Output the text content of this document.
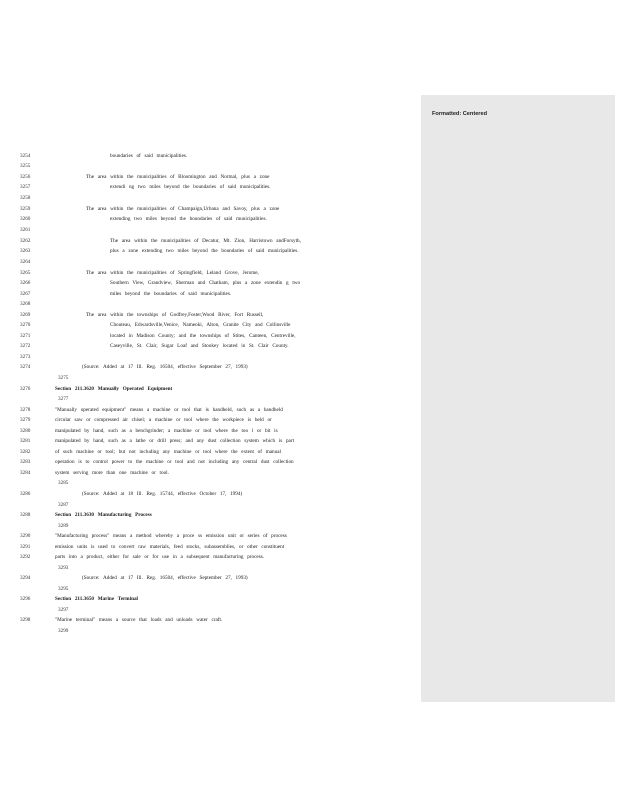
Formatted: Centered
3254
3255
3256
3257
3258
3259
3260
3261
3262
3263
3264
3265
3266
3267
3268
3269
3270
3271
3272
3273
3274
3275
3276
3277
3278
3279
3280
3281
3282
3283
3284
3285
3286
3287
3288
3289
3290
3291
3292
3293
3294
3295
3296
3297
3298
3299
boundaries of said municipalities.
The area within the municipalities of Bloomington and Normal, plus a zone
extendi ng two miles beyond the boundaries of said municipalities.
The area within the municipalities of Champaign,Urbana and Savoy, plus a zone
extending two miles beyond the boundaries of said municipalities.
The area within the municipalities of Decatur, Mt. Zion, Harristown andForsyth,
plus a zone extending two miles beyond the boundaries of said municipalities.
The area within the municipalities of Springfield, Leland Grove, Jerome,
Southern View, Grandview, Sherman and Chatham, plus a zone extendin g two
miles beyond the boundaries of said municipalities.
The area within the townships of Godfrey,Foster,Wood River, Fort Russell,
Chouteau, Edwardsville,Venice, Nameoki, Alton, Granite City and Collinsville
located in Madison County; and the townships of Stites, Canteen, Centreville,
Caseyville, St. Clair, Sugar Loaf and Stookey located in St. Clair County.
(Source: Added at 17 Ill. Reg. 16504, effective September 27, 1993)
Section 211.3620 Manually Operated Equipment
"Manually operated equipment" means a machine or tool that is handheld, such as a handheld
circular saw or compressed air chisel; a machine or tool where the workpiece is held or
manipulated by hand, such as a benchgrinder; a machine or tool where the too l or bit is
manipulated by hand, such as a lathe or drill press; and any dust collection system which is part
of such machine or tool; but not including any machine or tool where the extent of manual
operation is to control power to the machine or tool and not including any central dust collection
system serving more than one machine or tool.
(Source: Added at 18 Ill. Reg. 15744, effective October 17, 1994)
Section 211.3630 Manufacturing Process
"Manufacturing process" means a method whereby a proce ss emission unit or series of process
emission units is used to convert raw materials, feed stocks, subassemblies, or other constituent
parts into a product, either for sale or for use in a subsequent manufacturing process.
(Source: Added at 17 Ill. Reg. 16504, effective September 27, 1993)
Section 211.3650 Marine Terminal
"Marine terminal" means a source that loads and unloads water craft.
